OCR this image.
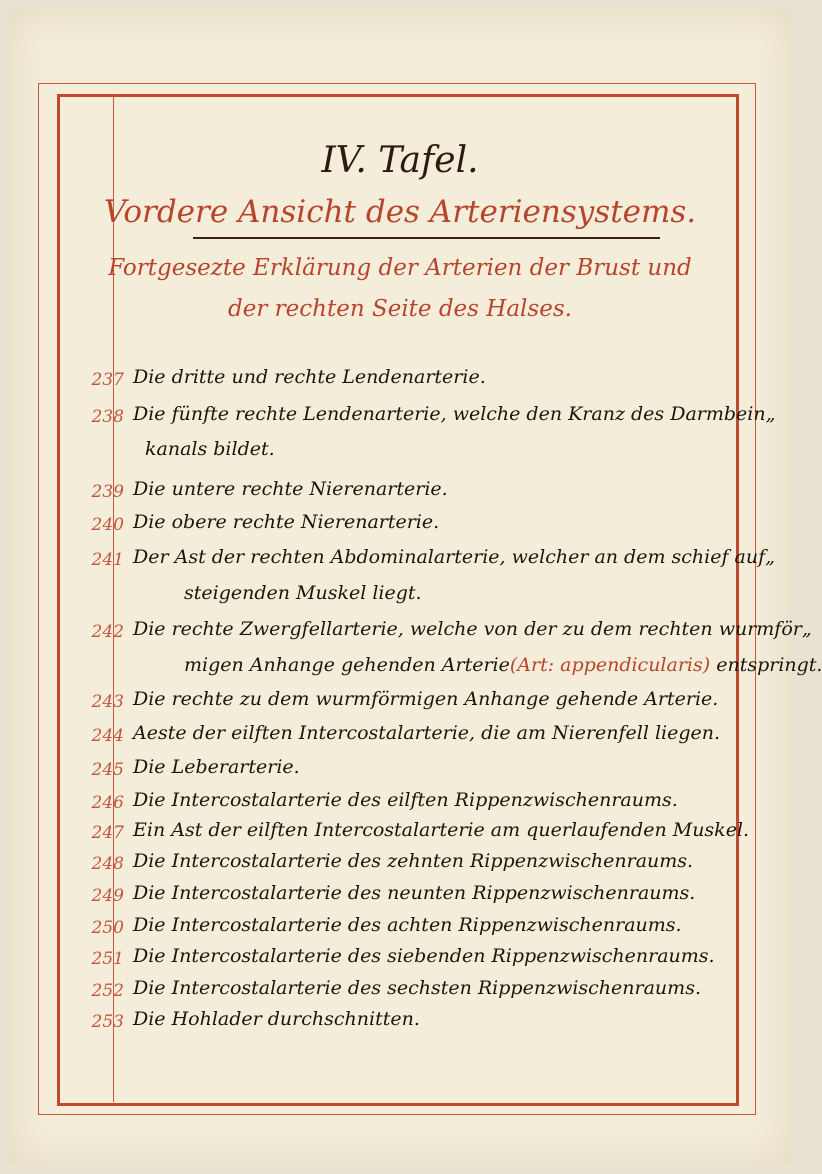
IV. Tafel.
Vordere Ansicht des Arteriensystems.
Fortgesezte Erklärung der Arterien der Brust und
der rechten Seite des Halses.
237 Die dritte und rechte Lendenarterie.
238 Die fünfte rechte Lendenarterie, welche den Kranz des Darmbein„
kanals bildet.
239 Die untere rechte Nierenarterie.
240 Die obere rechte Nierenarterie.
241 Der Ast der rechten Abdominalarterie, welcher an dem schief auf„
steigenden Muskel liegt.
242 Die rechte Zwergfellarterie, welche von der zu dem rechten wurmför„
migen Anhange gehenden Arterie(Art: appendicularis) entspringt.
243 Die rechte zu dem wurmförmigen Anhange gehende Arterie.
244 Aeste der eilften Intercostalarterie, die am Nierenfell liegen.
245 Die Leberarterie.
246 Die Intercostalarterie des eilften Rippenzwischenraums.
247 Ein Ast der eilften Intercostalarterie am querlaufenden Muskel.
248 Die Intercostalarterie des zehnten Rippenzwischenraums.
249 Die Intercostalarterie des neunten Rippenzwischenraums.
250 Die Intercostalarterie des achten Rippenzwischenraums.
251 Die Intercostalarterie des siebenden Rippenzwischenraums.
252 Die Intercostalarterie des sechsten Rippenzwischenraums.
253 Die Hohlader durchschnitten.
